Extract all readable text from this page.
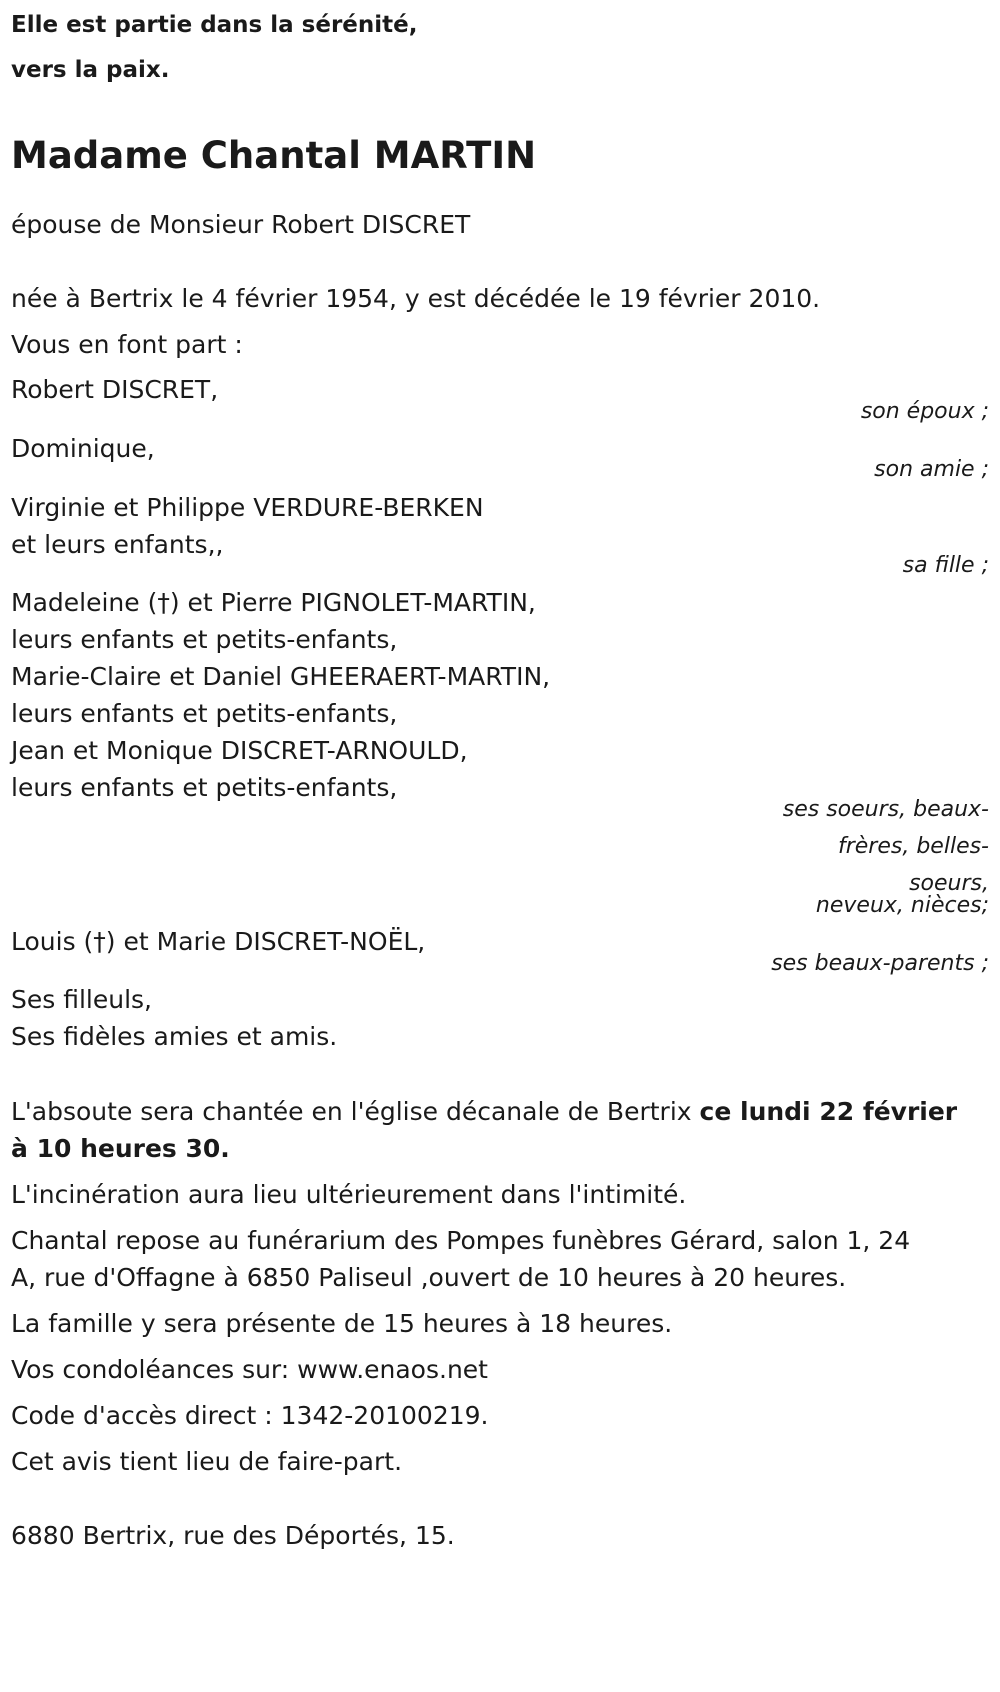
Elle est partie dans la sérénité,
vers la paix.
Madame Chantal MARTIN
épouse de Monsieur Robert DISCRET
née à Bertrix le 4 février 1954, y est décédée le 19 février 2010.
Vous en font part :
Robert DISCRET,
son époux ;
Dominique,
son amie ;
Virginie et Philippe VERDURE-BERKEN
et leurs enfants,,
sa fille ;
Madeleine (†) et Pierre PIGNOLET-MARTIN,
leurs enfants et petits-enfants,
Marie-Claire et Daniel GHEERAERT-MARTIN,
leurs enfants et petits-enfants,
Jean et Monique DISCRET-ARNOULD,
leurs enfants et petits-enfants,
ses soeurs, beaux-
frères, belles-
soeurs,
neveux, nièces;
Louis (†) et Marie DISCRET-NOËL,
ses beaux-parents ;
Ses filleuls,
Ses fidèles amies et amis.
L'absoute sera chantée en l'église décanale de Bertrix ce lundi 22 février
à 10 heures 30.
L'incinération aura lieu ultérieurement dans l'intimité.
Chantal repose au funérarium des Pompes funèbres Gérard, salon 1, 24
A, rue d'Offagne à 6850 Paliseul ,ouvert de 10 heures à 20 heures.
La famille y sera présente de 15 heures à 18 heures.
Vos condoléances sur: www.enaos.net
Code d'accès direct : 1342-20100219.
Cet avis tient lieu de faire-part.
6880 Bertrix, rue des Déportés, 15.
